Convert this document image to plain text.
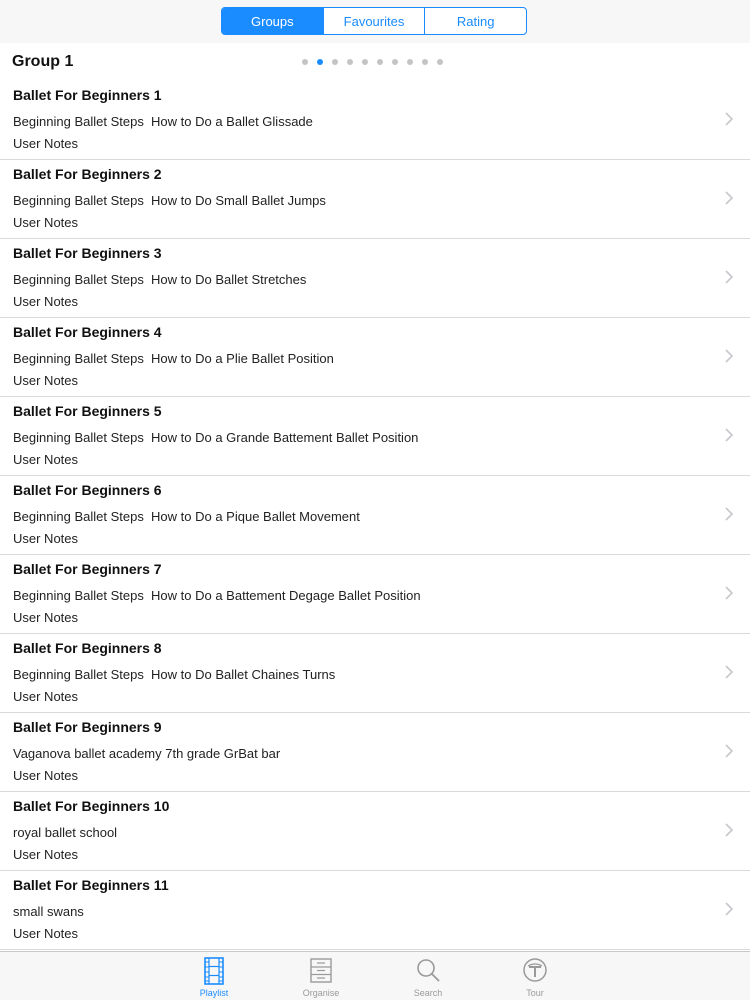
Groups	Favourites	Rating
Group 1
Ballet For Beginners 1
Beginning Ballet Steps  How to Do a Ballet Glissade
User Notes
Ballet For Beginners 2
Beginning Ballet Steps  How to Do Small Ballet Jumps
User Notes
Ballet For Beginners 3
Beginning Ballet Steps  How to Do Ballet Stretches
User Notes
Ballet For Beginners 4
Beginning Ballet Steps  How to Do a Plie Ballet Position
User Notes
Ballet For Beginners 5
Beginning Ballet Steps  How to Do a Grande Battement Ballet Position
User Notes
Ballet For Beginners 6
Beginning Ballet Steps  How to Do a Pique Ballet Movement
User Notes
Ballet For Beginners 7
Beginning Ballet Steps  How to Do a Battement Degage Ballet Position
User Notes
Ballet For Beginners 8
Beginning Ballet Steps  How to Do Ballet Chaines Turns
User Notes
Ballet For Beginners 9
Vaganova ballet academy 7th grade GrBat bar
User Notes
Ballet For Beginners 10
royal ballet school
User Notes
Ballet For Beginners 11
small swans
User Notes
Playlist	Organise	Search	Tour
